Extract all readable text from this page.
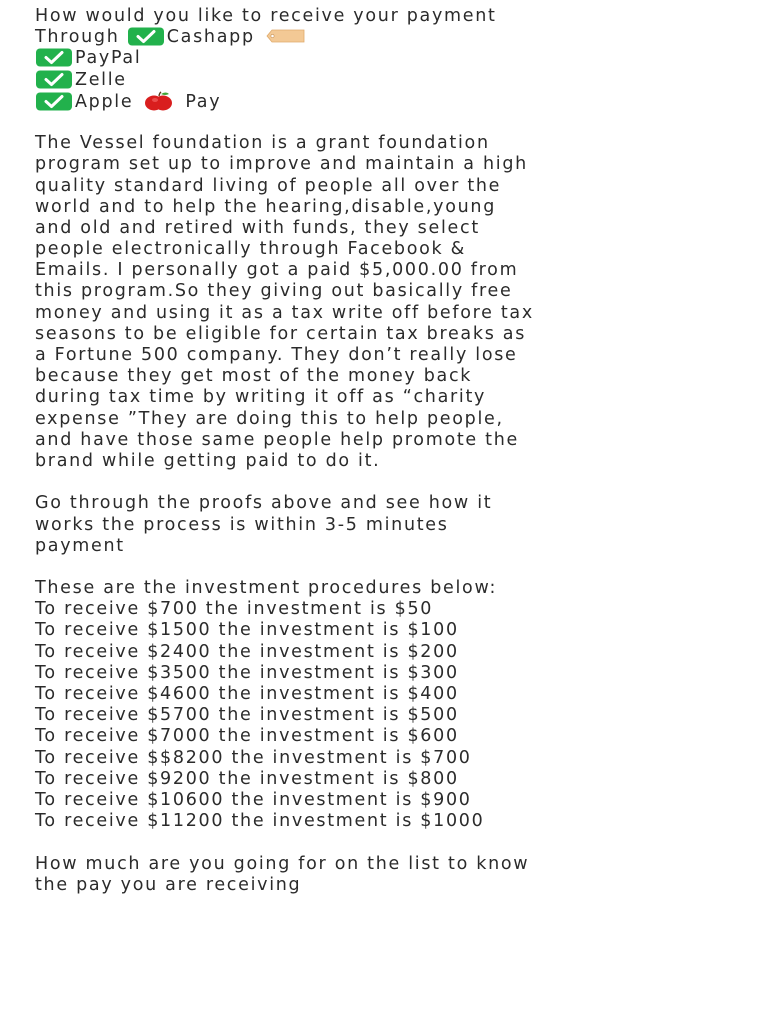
How would you like to receive your payment
Through	Cashapp
PayPal
Zelle
Apple	Pay
The Vessel foundation is a grant foundation
program set up to improve and maintain a high
quality standard living of people all over the
world and to help the hearing,disable,young
and old and retired with funds, they select
people electronically through Facebook &
Emails. I personally got a paid $5,000.00 from
this program.So they giving out basically free
money and using it as a tax write off before tax
seasons to be eligible for certain tax breaks as
a Fortune 500 company. They don’t really lose
because they get most of the money back
during tax time by writing it off as “charity
expense ”They are doing this to help people,
and have those same people help promote the
brand while getting paid to do it.
Go through the proofs above and see how it
works the process is within 3-5 minutes
payment
These are the investment procedures below:
To receive $700 the investment is $50
To receive $1500 the investment is $100
To receive $2400 the investment is $200
To receive $3500 the investment is $300
To receive $4600 the investment is $400
To receive $5700 the investment is $500
To receive $7000 the investment is $600
To receive $$8200 the investment is $700
To receive $9200 the investment is $800
To receive $10600 the investment is $900
To receive $11200 the investment is $1000
How much are you going for on the list to know
the pay you are receiving
